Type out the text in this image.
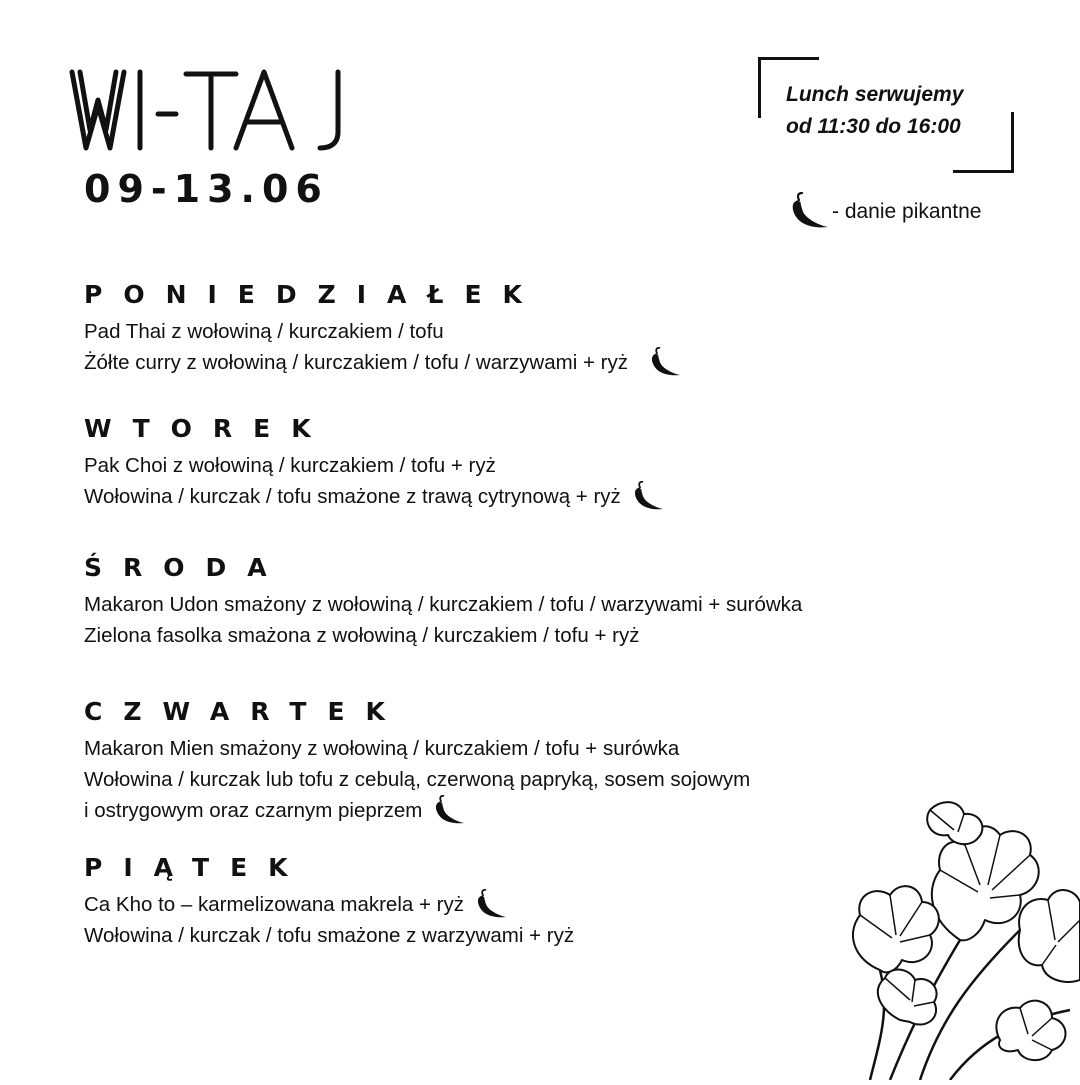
09-13.06
Lunch serwujemy
od 11:30 do 16:00
- danie pikantne
PONIEDZIAŁEK
Pad Thai z wołowiną / kurczakiem / tofu
Żółte curry z wołowiną / kurczakiem / tofu / warzywami + ryż
WTOREK
Pak Choi z wołowiną / kurczakiem / tofu + ryż
Wołowina / kurczak / tofu smażone z trawą cytrynową + ryż
ŚRODA
Makaron Udon smażony z wołowiną / kurczakiem / tofu / warzywami + surówka
Zielona fasolka smażona z wołowiną / kurczakiem / tofu + ryż
CZWARTEK
Makaron Mien smażony z wołowiną / kurczakiem / tofu + surówka
Wołowina / kurczak lub tofu z cebulą, czerwoną papryką, sosem sojowym
i ostrygowym oraz czarnym pieprzem
PIĄTEK
Ca Kho to – karmelizowana makrela + ryż
Wołowina / kurczak / tofu smażone z warzywami + ryż
